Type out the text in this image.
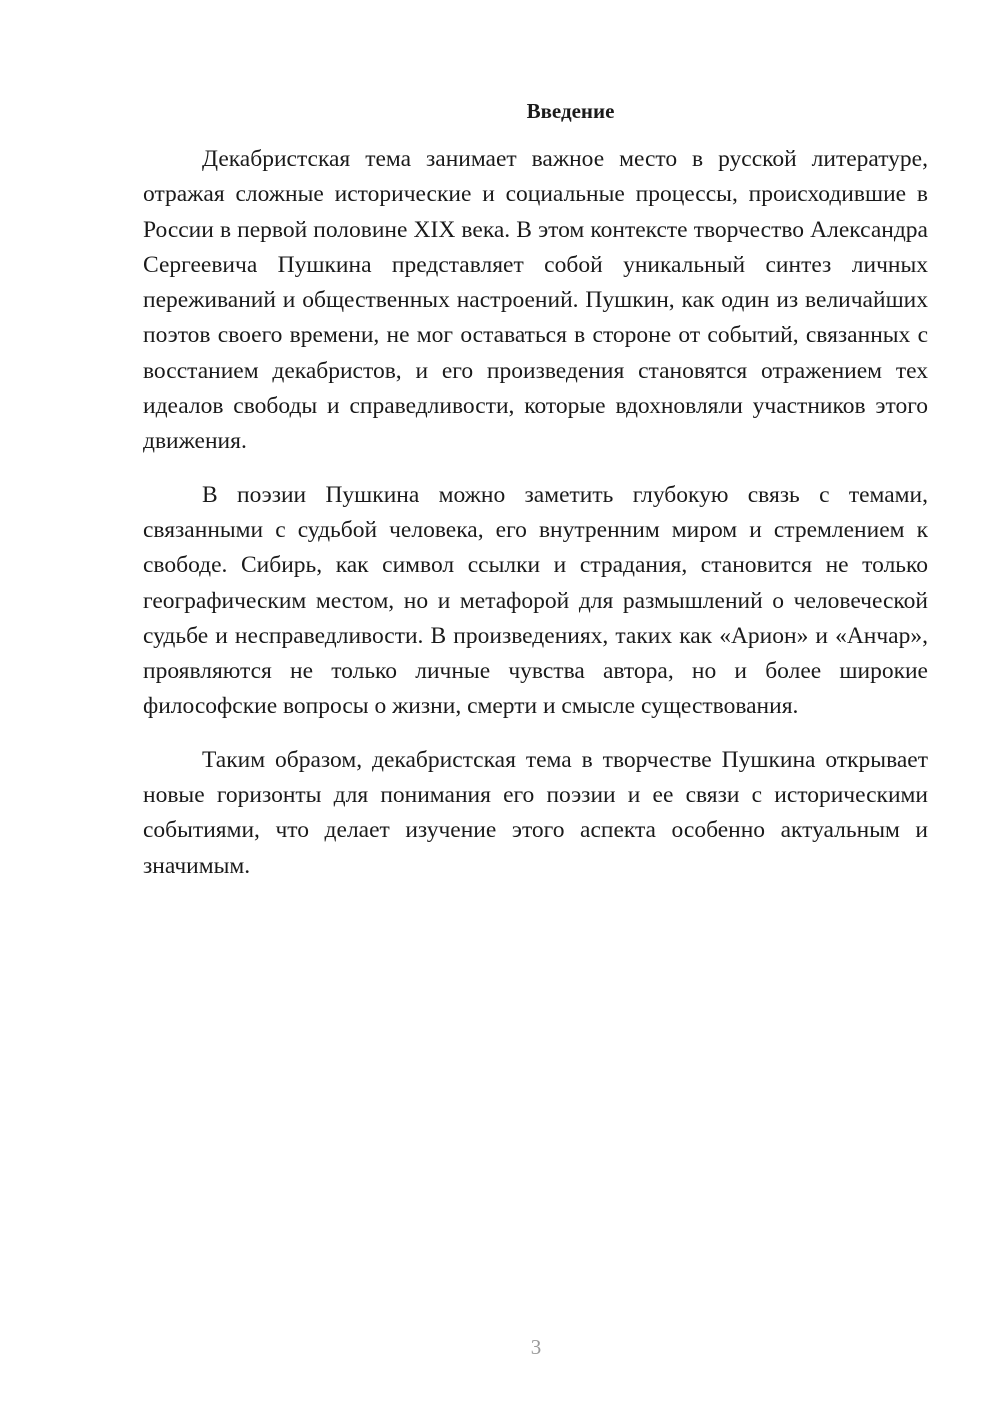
Введение

Декабристская тема занимает важное место в русской литературе, отражая сложные исторические и социальные процессы, происходившие в России в первой половине XIX века. В этом контексте творчество Александра Сергеевича Пушкина представляет собой уникальный синтез личных переживаний и общественных настроений. Пушкин, как один из величайших поэтов своего времени, не мог оставаться в стороне от событий, связанных с восстанием декабристов, и его произведения становятся отражением тех идеалов свободы и справедливости, которые вдохновляли участников этого движения.

В поэзии Пушкина можно заметить глубокую связь с темами, связанными с судьбой человека, его внутренним миром и стремлением к свободе. Сибирь, как символ ссылки и страдания, становится не только географическим местом, но и метафорой для размышлений о человеческой судьбе и несправедливости. В произведениях, таких как «Арион» и «Анчар», проявляются не только личные чувства автора, но и более широкие философские вопросы о жизни, смерти и смысле существования.

Таким образом, декабристская тема в творчестве Пушкина открывает новые горизонты для понимания его поэзии и ее связи с историческими событиями, что делает изучение этого аспекта особенно актуальным и значимым.

3
